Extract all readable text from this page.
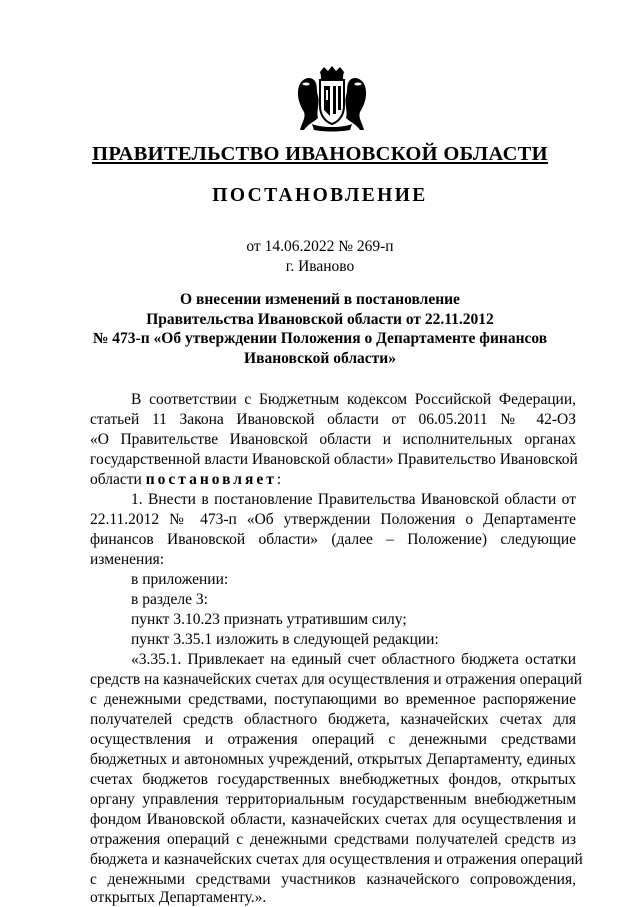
ПРАВИТЕЛЬСТВО ИВАНОВСКОЙ ОБЛАСТИ
ПОСТАНОВЛЕНИЕ
от 14.06.2022 № 269-п
г. Иваново
О внесении изменений в постановление
Правительства Ивановской области от 22.11.2012
№ 473-п «Об утверждении Положения о Департаменте финансов
Ивановской области»
В соответствии с Бюджетным кодексом Российской Федерации,
статьей 11 Закона Ивановской области от 06.05.2011 № 42-ОЗ
«О Правительстве Ивановской области и исполнительных органах
государственной власти Ивановской области» Правительство Ивановской
области постановляет:
1. Внести в постановление Правительства Ивановской области от
22.11.2012 № 473-п «Об утверждении Положения о Департаменте
финансов Ивановской области» (далее – Положение) следующие
изменения:
в приложении:
в разделе 3:
пункт 3.10.23 признать утратившим силу;
пункт 3.35.1 изложить в следующей редакции:
«3.35.1. Привлекает на единый счет областного бюджета остатки
средств на казначейских счетах для осуществления и отражения операций
с денежными средствами, поступающими во временное распоряжение
получателей средств областного бюджета, казначейских счетах для
осуществления и отражения операций с денежными средствами
бюджетных и автономных учреждений, открытых Департаменту, единых
счетах бюджетов государственных внебюджетных фондов, открытых
органу управления территориальным государственным внебюджетным
фондом Ивановской области, казначейских счетах для осуществления и
отражения операций с денежными средствами получателей средств из
бюджета и казначейских счетах для осуществления и отражения операций
с денежными средствами участников казначейского сопровождения,
открытых Департаменту.».
